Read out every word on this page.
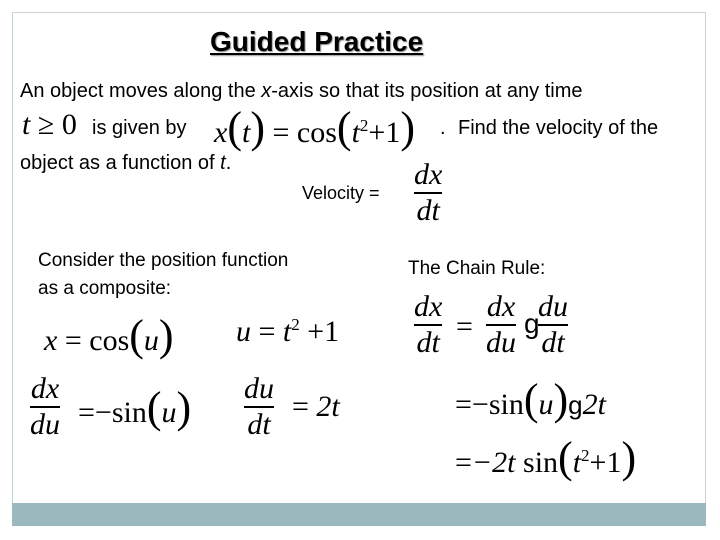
Guided Practice
An object moves along the x-axis so that its position at any time
t ≥ 0 is given by $x(t) = \cos(t^2+1)$ . Find the velocity of the
object as a function of t.
Velocity =
dx
dt
Consider the position function
as a composite:
x = cos(u) $u = t^2 +1$
dx
du =−sin(u) du
dt
= 2t
The Chain Rule:
dx
dt =
dx
du
g
du
dt
=−sin(u)g2t
=−2t $\sin(t^2+1)$
